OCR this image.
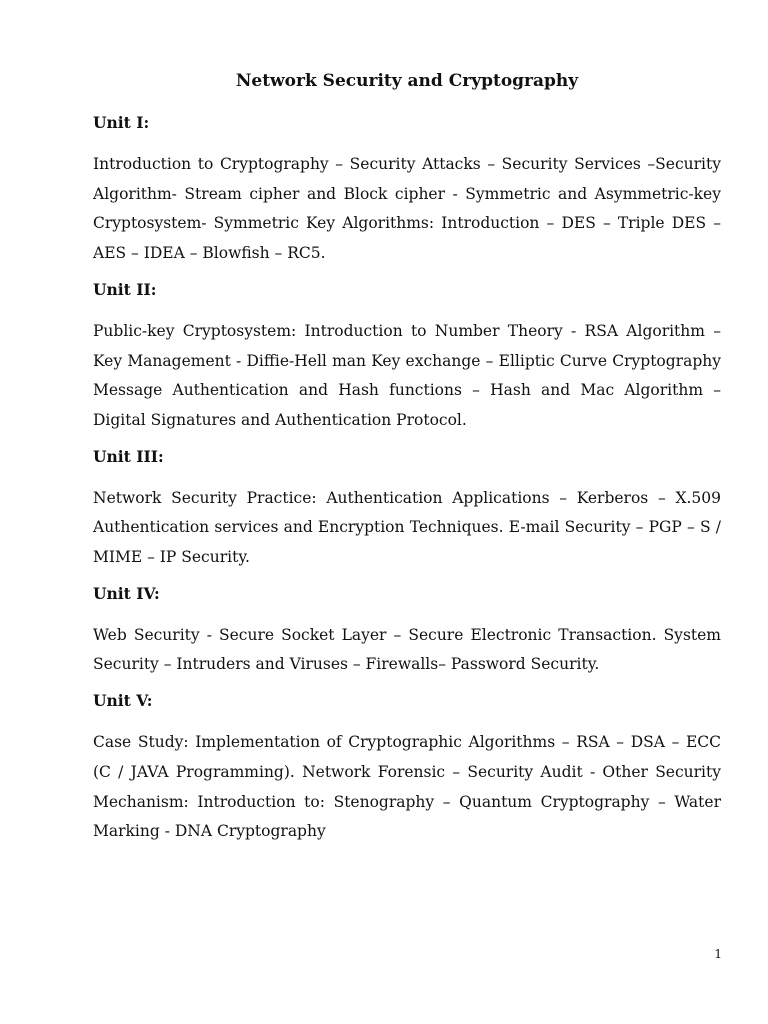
Network Security and Cryptography

Unit I:

Introduction to Cryptography – Security Attacks – Security Services –Security Algorithm- Stream cipher and Block cipher - Symmetric and Asymmetric-key Cryptosystem- Symmetric Key Algorithms: Introduction – DES – Triple DES – AES – IDEA – Blowfish – RC5.

Unit II:

Public-key Cryptosystem: Introduction to Number Theory - RSA Algorithm – Key Management - Diffie-Hell man Key exchange – Elliptic Curve Cryptography Message Authentication and Hash functions – Hash and Mac Algorithm – Digital Signatures and Authentication Protocol.

Unit III:

Network Security Practice: Authentication Applications – Kerberos – X.509 Authentication services and Encryption Techniques. E-mail Security – PGP – S / MIME – IP Security.

Unit IV:

Web Security - Secure Socket Layer – Secure Electronic Transaction. System Security – Intruders and Viruses – Firewalls– Password Security.

Unit V:

Case Study: Implementation of Cryptographic Algorithms – RSA – DSA – ECC (C / JAVA Programming). Network Forensic – Security Audit - Other Security Mechanism: Introduction to: Stenography – Quantum Cryptography – Water Marking - DNA Cryptography

1
